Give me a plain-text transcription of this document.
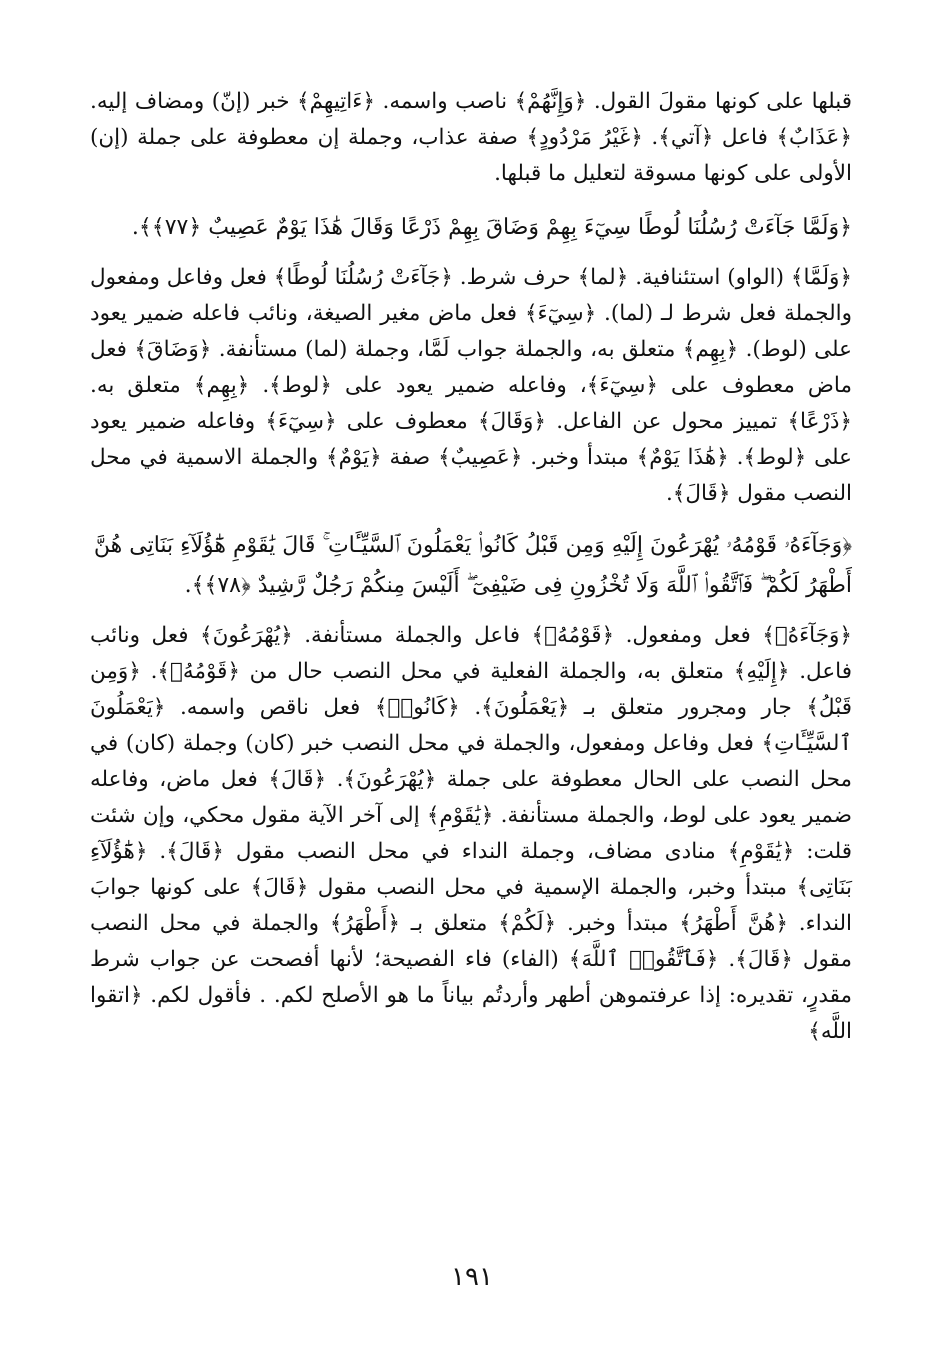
قبلها على كونها مقولَ القول. ﴿وَإِنَّهُمْ﴾ ناصب واسمه. ﴿ءَاتِيهِمْ﴾ خبر (إنّ) ومضاف إليه. ﴿عَذَابٌ﴾ فاعل ﴿آتي﴾. ﴿غَيْرُ مَرْدُودٍ﴾ صفة عذاب، وجملة إن معطوفة على جملة (إن) الأولى على كونها مسوقة لتعليل ما قبلها.

﴿وَلَمَّا جَآءَتْ رُسُلُنَا لُوطًا سِيٓءَ بِهِمْ وَضَاقَ بِهِمْ ذَرْعًا وَقَالَ هَٰذَا يَوْمٌ عَصِيبٌ ﴿٧٧﴾﴾.

﴿وَلَمَّا﴾ (الواو) استئنافية. ﴿لما﴾ حرف شرط. ﴿جَآءَتْ رُسُلُنَا لُوطًا﴾ فعل وفاعل ومفعول والجملة فعل شرط لـ (لما). ﴿سِيٓءَ﴾ فعل ماض مغير الصيغة، ونائب فاعله ضمير يعود على (لوط). ﴿بِهِم﴾ متعلق به، والجملة جواب لَمَّا، وجملة (لما) مستأنفة. ﴿وَضَاقَ﴾ فعل ماض معطوف على ﴿سِيٓءَ﴾، وفاعله ضمير يعود على ﴿لوط﴾. ﴿بِهِم﴾ متعلق به. ﴿ذَرْعًا﴾ تمييز محول عن الفاعل. ﴿وَقَالَ﴾ معطوف على ﴿سِيٓءَ﴾ وفاعله ضمير يعود على ﴿لوط﴾. ﴿هَٰذَا يَوْمٌ﴾ مبتدأ وخبر. ﴿عَصِيبٌ﴾ صفة ﴿يَوْمٌ﴾ والجملة الاسمية في محل النصب مقول ﴿قَالَ﴾.

﴿وَجَآءَهُۥ قَوْمُهُۥ يُهْرَعُونَ إِلَيْهِ وَمِن قَبْلُ كَانُوا۟ يَعْمَلُونَ ٱلسَّيِّـَٔاتِ ۚ قَالَ يَٰقَوْمِ هَٰٓؤُلَآءِ بَنَاتِى هُنَّ أَطْهَرُ لَكُمْ ۖ فَٱتَّقُوا۟ ٱللَّهَ وَلَا تُخْزُونِ فِى ضَيْفِىٓ ۖ أَلَيْسَ مِنكُمْ رَجُلٌ رَّشِيدٌ ﴿٧٨﴾﴾.

﴿وَجَآءَهُۥ﴾ فعل ومفعول. ﴿قَوْمُهُۥ﴾ فاعل والجملة مستأنفة. ﴿يُهْرَعُونَ﴾ فعل ونائب فاعل. ﴿إِلَيْهِ﴾ متعلق به، والجملة الفعلية في محل النصب حال من ﴿قَوْمُهُۥ﴾. ﴿وَمِن قَبْلُ﴾ جار ومجرور متعلق بـ ﴿يَعْمَلُونَ﴾. ﴿كَانُوا۟﴾ فعل ناقص واسمه. ﴿يَعْمَلُونَ ٱلسَّيِّـَٔاتِ﴾ فعل وفاعل ومفعول، والجملة في محل النصب خبر (كان) وجملة (كان) في محل النصب على الحال معطوفة على جملة ﴿يُهْرَعُونَ﴾. ﴿قَالَ﴾ فعل ماض، وفاعله ضمير يعود على لوط، والجملة مستأنفة. ﴿يَٰقَوْمِ﴾ إلى آخر الآية مقول محكي، وإن شئت قلت: ﴿يَٰقَوْمِ﴾ منادى مضاف، وجملة النداء في محل النصب مقول ﴿قَالَ﴾. ﴿هَٰٓؤُلَآءِ بَنَاتِى﴾ مبتدأ وخبر، والجملة الإسمية في محل النصب مقول ﴿قَالَ﴾ على كونها جوابَ النداء. ﴿هُنَّ أَطْهَرُ﴾ مبتدأ وخبر. ﴿لَكُمْ﴾ متعلق بـ ﴿أَطْهَرُ﴾ والجملة في محل النصب مقول ﴿قَالَ﴾. ﴿فَٱتَّقُوا۟ ٱللَّهَ﴾ (الفاء) فاء الفصيحة؛ لأنها أفصحت عن جواب شرط مقدرٍ، تقديره: إذا عرفتموهن أطهر وأردتُم بياناً ما هو الأصلح لكم. . فأقول لكم. ﴿اتقوا اللَّه﴾

١٩١
